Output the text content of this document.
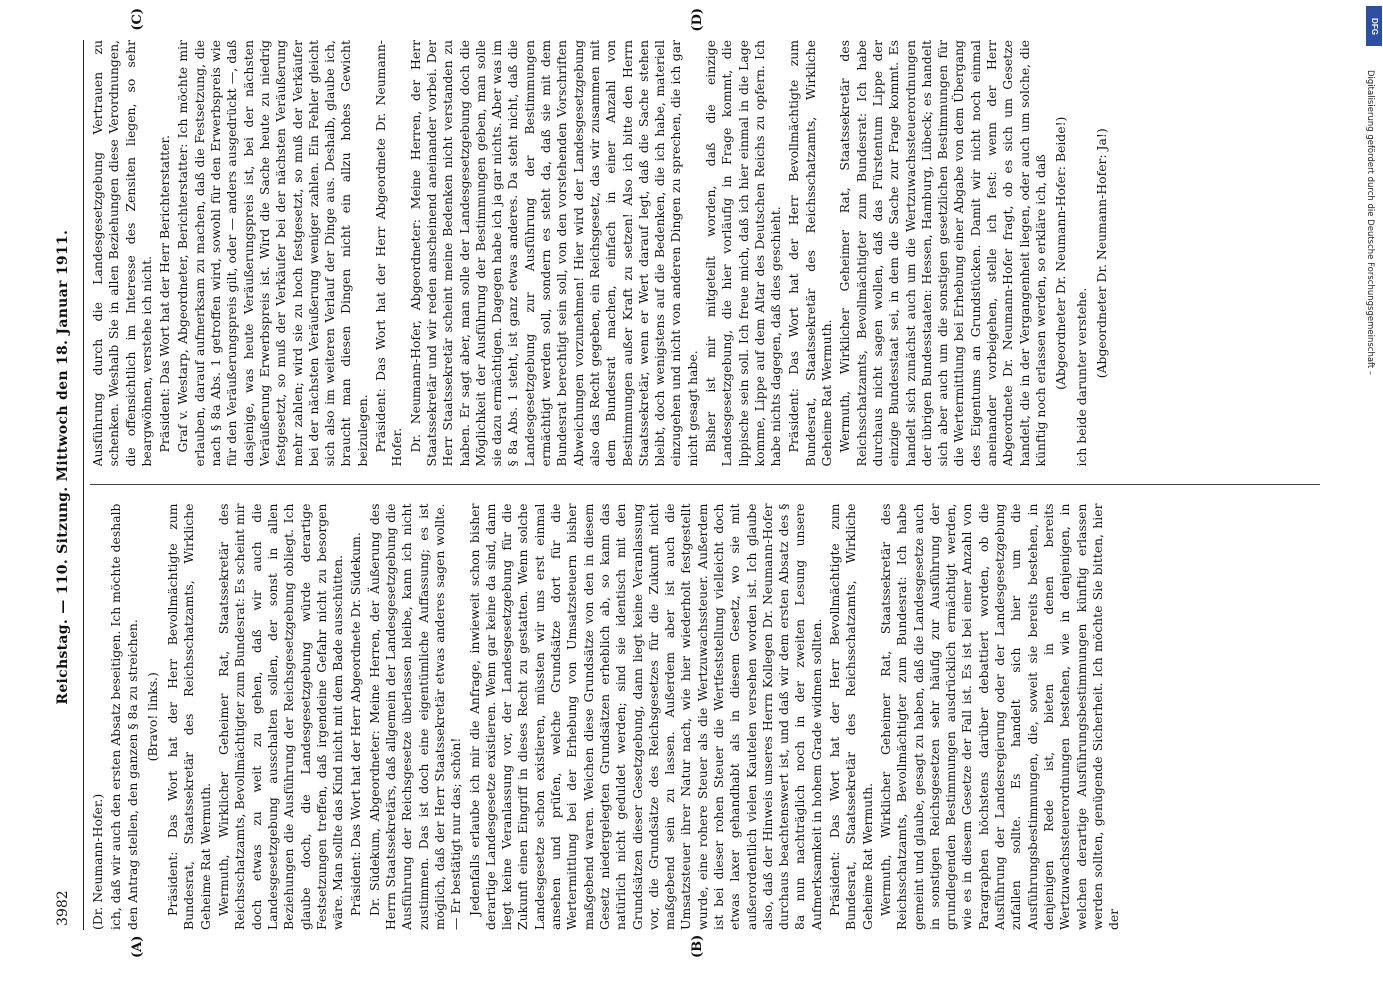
3982
Reichstag. — 110. Sitzung. Mittwoch den 18. Januar 1911.
(A)	(B)
(C)	(D)

(Dr. Neumann-Hofer.) ich, daß wir auch den ersten Absatz beseitigen. Ich möchte deshalb den Antrag stellen, den ganzen § 8a zu streichen. (Bravo! links.) Präsident: Das Wort hat der Herr Bevollmächtigte zum Bundesrat, Staatssekretär des Reichsschatzamts, Wirkliche Geheime Rat Wermuth. Wermuth, Wirklicher Geheimer Rat, Staatssekretär des Reichsschatzamts, Bevollmächtigter zum Bundesrat: Es scheint mir doch etwas zu weit zu gehen, daß wir auch die Landesgesetzgebung ausschalten sollen, der sonst in allen Beziehungen die Ausführung der Reichsgesetzgebung obliegt. Ich glaube doch, die Landesgesetzgebung würde derartige Festsetzungen treffen, daß irgendeine Gefahr nicht zu besorgen wäre. Man sollte das Kind nicht mit dem Bade ausschütten. Präsident: Das Wort hat der Herr Abgeordnete Dr. Südekum. Dr. Südekum, Abgeordneter: Meine Herren, der Äußerung des Herrn Staatssekretärs, daß allgemein der Landesgesetzgebung die Ausführung der Reichsgesetze überlassen bleibe, kann ich nicht zustimmen. Das ist doch eine eigentümliche Auffassung; es ist möglich, daß der Herr Staatssekretär etwas anderes sagen wollte. — Er bestätigt nur das; schön! Jedenfalls erlaube ich mir die Anfrage, inwieweit schon bisher derartige Landesgesetze existieren. Wenn gar keine da sind, dann liegt keine Veranlassung vor, der Landesgesetzgebung für die Zukunft einen Eingriff in dieses Recht zu gestatten. Wenn solche Landesgesetze schon existieren, müssten wir uns erst einmal ansehen und prüfen, welche Grundsätze dort für die Wertermittlung bei der Erhebung von Umsatzsteuern bisher maßgebend waren. Weichen diese Grundsätze von den in diesem Gesetz niedergelegten Grundsätzen erheblich ab, so kann das natürlich nicht geduldet werden; sind sie identisch mit den Grundsätzen dieser Gesetzgebung, dann liegt keine Veranlassung vor, die Grundsätze des Reichsgesetzes für die Zukunft nicht maßgebend sein zu lassen. Außerdem aber ist auch die Umsatzsteuer ihrer Natur nach, wie hier wiederholt festgestellt wurde, eine rohere Steuer als die Wertzuwachssteuer. Außerdem ist bei dieser rohen Steuer die Wertfeststellung vielleicht doch etwas laxer gehandhabt als in diesem Gesetz, wo sie mit außerordentlich vielen Kautelen versehen worden ist. Ich glaube also, daß der Hinweis unseres Herrn Kollegen Dr. Neumann-Hofer durchaus beachtenswert ist, und daß wir dem ersten Absatz des § 8a nun nachträglich noch in der zweiten Lesung unsere Aufmerksamkeit in hohem Grade widmen sollten. Präsident: Das Wort hat der Herr Bevollmächtigte zum Bundesrat, Staatssekretär des Reichsschatzamts, Wirkliche Geheime Rat Wermuth. Wermuth, Wirklicher Geheimer Rat, Staatssekretär des Reichsschatzamts, Bevollmächtigter zum Bundesrat: Ich habe gemeint und glaube, gesagt zu haben, daß die Landesgesetze auch in sonstigen Reichsgesetzen sehr häufig zur Ausführung der grundlegenden Bestimmungen ausdrücklich ermächtigt werden, wie es in diesem Gesetze der Fall ist. Es ist bei einer Anzahl von Paragraphen höchstens darüber debattiert worden, ob die Ausführung der Landesregierung oder der Landesgesetzgebung zufallen sollte. Es handelt sich hier um die Ausführungsbestimmungen, die, soweit sie bereits bestehen, in denjenigen Rede ist, bieten in denen bereits Wertzuwachssteuerordnungen bestehen, wie in denjenigen, in welchen derartige Ausführungsbestimmungen künftig erlassen werden sollten, genügende Sicherheit. Ich möchte Sie bitten, hier der

Ausführung durch die Landesgesetzgebung Vertrauen zu schenken. Weshalb Sie in allen Beziehungen diese Verordnungen, die offensichtlich im Interesse des Zensiten liegen, so sehr beargwöhnen, verstehe ich nicht. Präsident: Das Wort hat der Herr Berichterstatter. Graf v. Westarp, Abgeordneter, Berichterstatter: Ich möchte mir erlauben, darauf aufmerksam zu machen, daß die Festsetzung, die nach § 8a Abs. 1 getroffen wird, sowohl für den Erwerbspreis wie für den Veräußerungspreis gilt, oder — anders ausgedrückt —, daß dasjenige, was heute Veräußerungspreis ist, bei der nächsten Veräußerung Erwerbspreis ist. Wird die Sache heute zu niedrig festgesetzt, so muß der Verkäufer bei der nächsten Veräußerung mehr zahlen; wird sie zu hoch festgesetzt, so muß der Verkäufer bei der nächsten Veräußerung weniger zahlen. Ein Fehler gleicht sich also im weiteren Verlauf der Dinge aus. Deshalb, glaube ich, braucht man diesen Dingen nicht ein allzu hohes Gewicht beizulegen. Präsident: Das Wort hat der Herr Abgeordnete Dr. Neumann-Hofer. Dr. Neumann-Hofer, Abgeordneter: Meine Herren, der Herr Staatssekretär und wir reden anscheinend aneinander vorbei. Der Herr Staatssekretär scheint meine Bedenken nicht verstanden zu haben. Er sagt aber, man solle der Landesgesetzgebung doch die Möglichkeit der Ausführung der Bestimmungen geben, man solle sie dazu ermächtigen. Dagegen habe ich ja gar nichts. Aber was im § 8a Abs. 1 steht, ist ganz etwas anderes. Da steht nicht, daß die Landesgesetzgebung zur Ausführung der Bestimmungen ermächtigt werden soll, sondern es steht da, daß sie mit dem Bundesrat berechtigt sein soll, von den vorstehenden Vorschriften Abweichungen vorzunehmen! Hier wird der Landesgesetzgebung also das Recht gegeben, ein Reichsgesetz, das wir zusammen mit dem Bundesrat machen, einfach in einer Anzahl von Bestimmungen außer Kraft zu setzen! Also ich bitte den Herrn Staatssekretär, wenn er Wert darauf legt, daß die Sache stehen bleibt, doch wenigstens auf die Bedenken, die ich habe, materiell einzugehen und nicht von anderen Dingen zu sprechen, die ich gar nicht gesagt habe. Bisher ist mir mitgeteilt worden, daß die einzige Landesgesetzgebung, die hier vorläufig in Frage kommt, die lippische sein soll. Ich freue mich, daß ich hier einmal in die Lage komme, Lippe auf dem Altar des Deutschen Reichs zu opfern. Ich habe nichts dagegen, daß dies geschieht. Präsident: Das Wort hat der Herr Bevollmächtigte zum Bundesrat, Staatssekretär des Reichsschatzamts, Wirkliche Geheime Rat Wermuth. Wermuth, Wirklicher Geheimer Rat, Staatssekretär des Reichsschatzamts, Bevollmächtigter zum Bundesrat: Ich habe durchaus nicht sagen wollen, daß das Fürstentum Lippe der einzige Bundesstaat sei, in dem die Sache zur Frage kommt. Es handelt sich zunächst auch um die Wertzuwachssteuerordnungen der übrigen Bundesstaaten: Hessen, Hamburg, Lübeck; es handelt sich aber auch um die sonstigen gesetzlichen Bestimmungen für die Wertermittlung bei Erhebung einer Abgabe von dem Übergang des Eigentums an Grundstücken. Damit wir nicht noch einmal aneinander vorbeigehen, stelle ich fest: wenn der Herr Abgeordnete Dr. Neumann-Hofer fragt, ob es sich um Gesetze handelt, die in der Vergangenheit liegen, oder auch um solche, die künftig noch erlassen werden, so erkläre ich, daß (Abgeordneter Dr. Neumann-Hofer: Beide!) ich beide darunter verstehe. (Abgeordneter Dr. Neumann-Hofer: Ja!)	Digitalisierung gefördert durch die Deutsche Forschungsgemeinschaft –
DFG
